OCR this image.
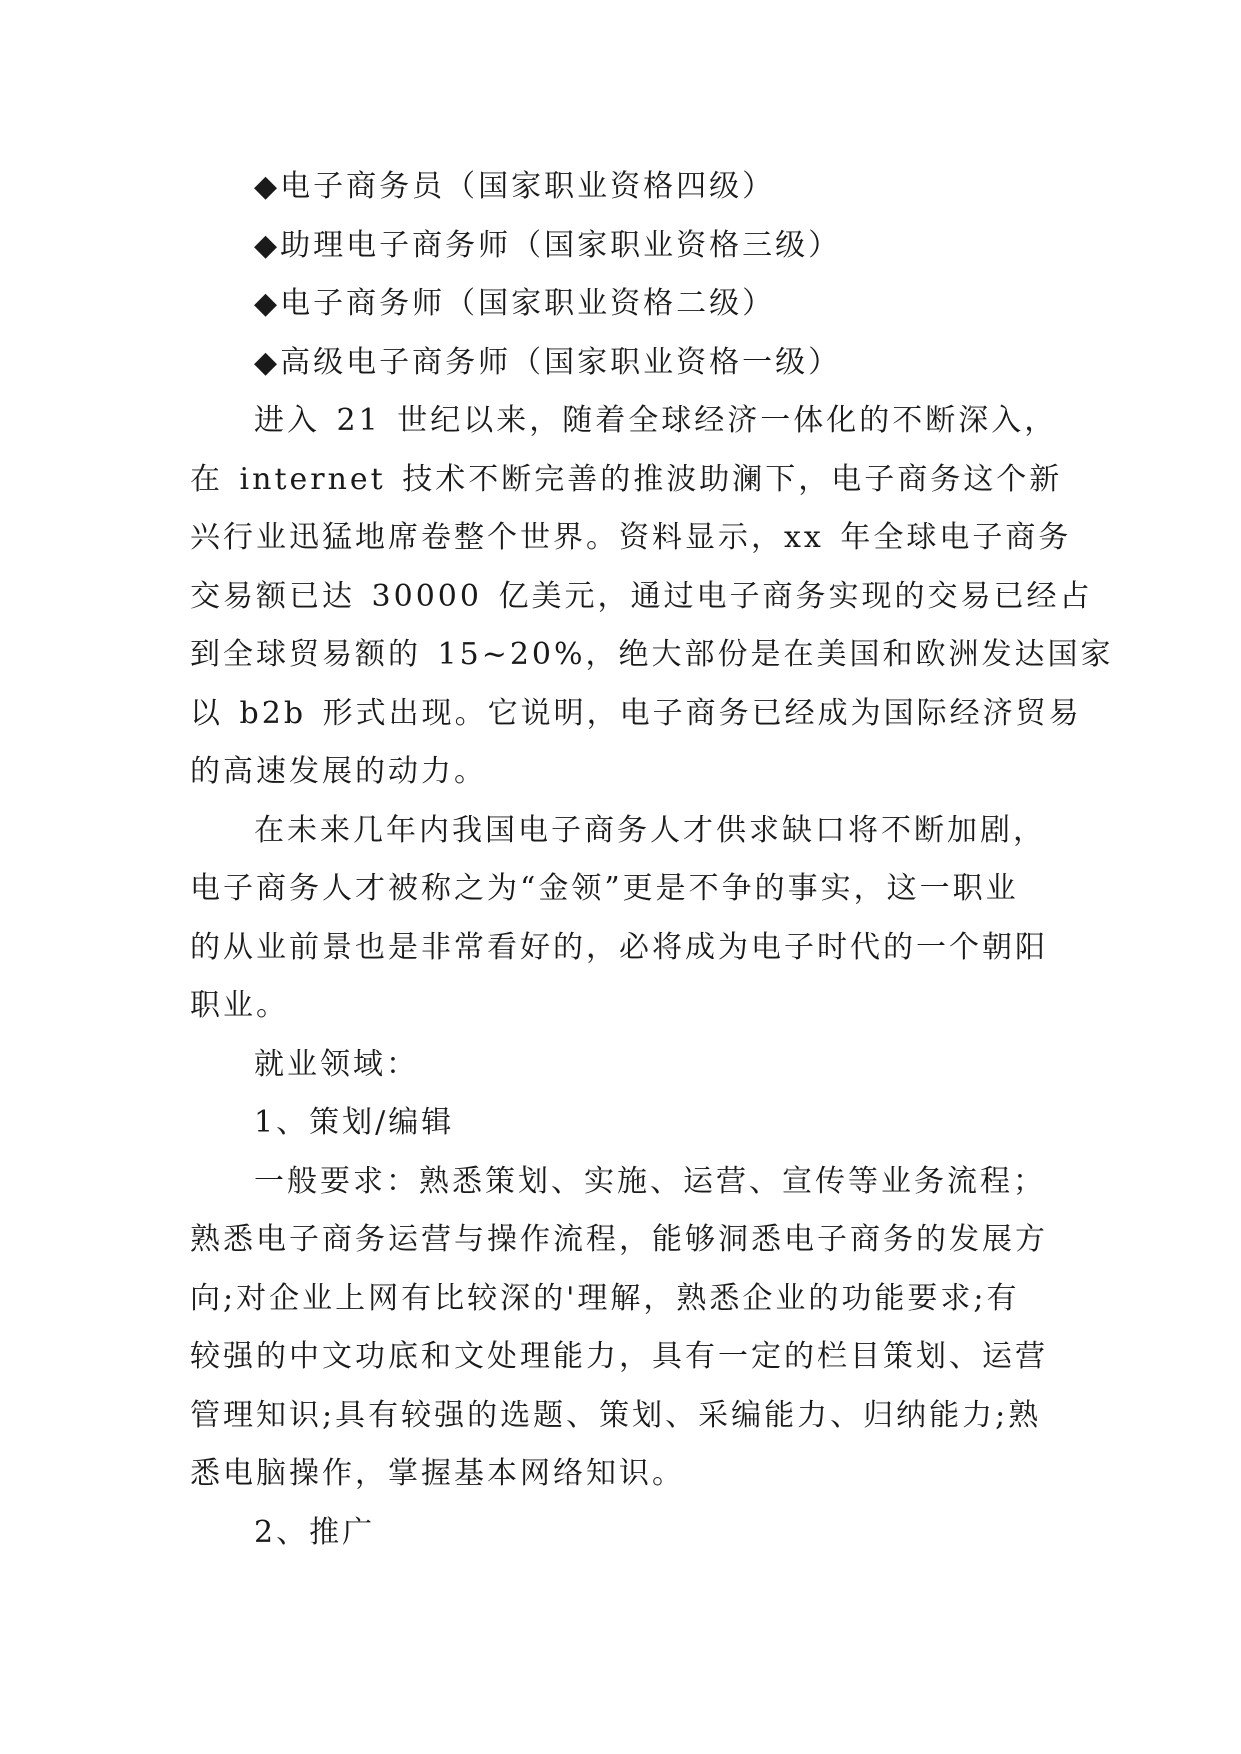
◆电子商务员（国家职业资格四级）
◆助理电子商务师（国家职业资格三级）
◆电子商务师（国家职业资格二级）
◆高级电子商务师（国家职业资格一级）
进入 21 世纪以来，随着全球经济一体化的不断深入，
在 internet 技术不断完善的推波助澜下，电子商务这个新
兴行业迅猛地席卷整个世界。资料显示，xx 年全球电子商务
交易额已达 30000 亿美元，通过电子商务实现的交易已经占
到全球贸易额的 15~20%，绝大部份是在美国和欧洲发达国家
以 b2b 形式出现。它说明，电子商务已经成为国际经济贸易
的高速发展的动力。
在未来几年内我国电子商务人才供求缺口将不断加剧，
电子商务人才被称之为“金领”更是不争的事实，这一职业
的从业前景也是非常看好的，必将成为电子时代的一个朝阳
职业。
就业领域：
1、策划/编辑
一般要求：熟悉策划、实施、运营、宣传等业务流程；
熟悉电子商务运营与操作流程，能够洞悉电子商务的发展方
向;对企业上网有比较深的'理解，熟悉企业的功能要求;有
较强的中文功底和文处理能力，具有一定的栏目策划、运营
管理知识;具有较强的选题、策划、采编能力、归纳能力;熟
悉电脑操作，掌握基本网络知识。
2、推广
